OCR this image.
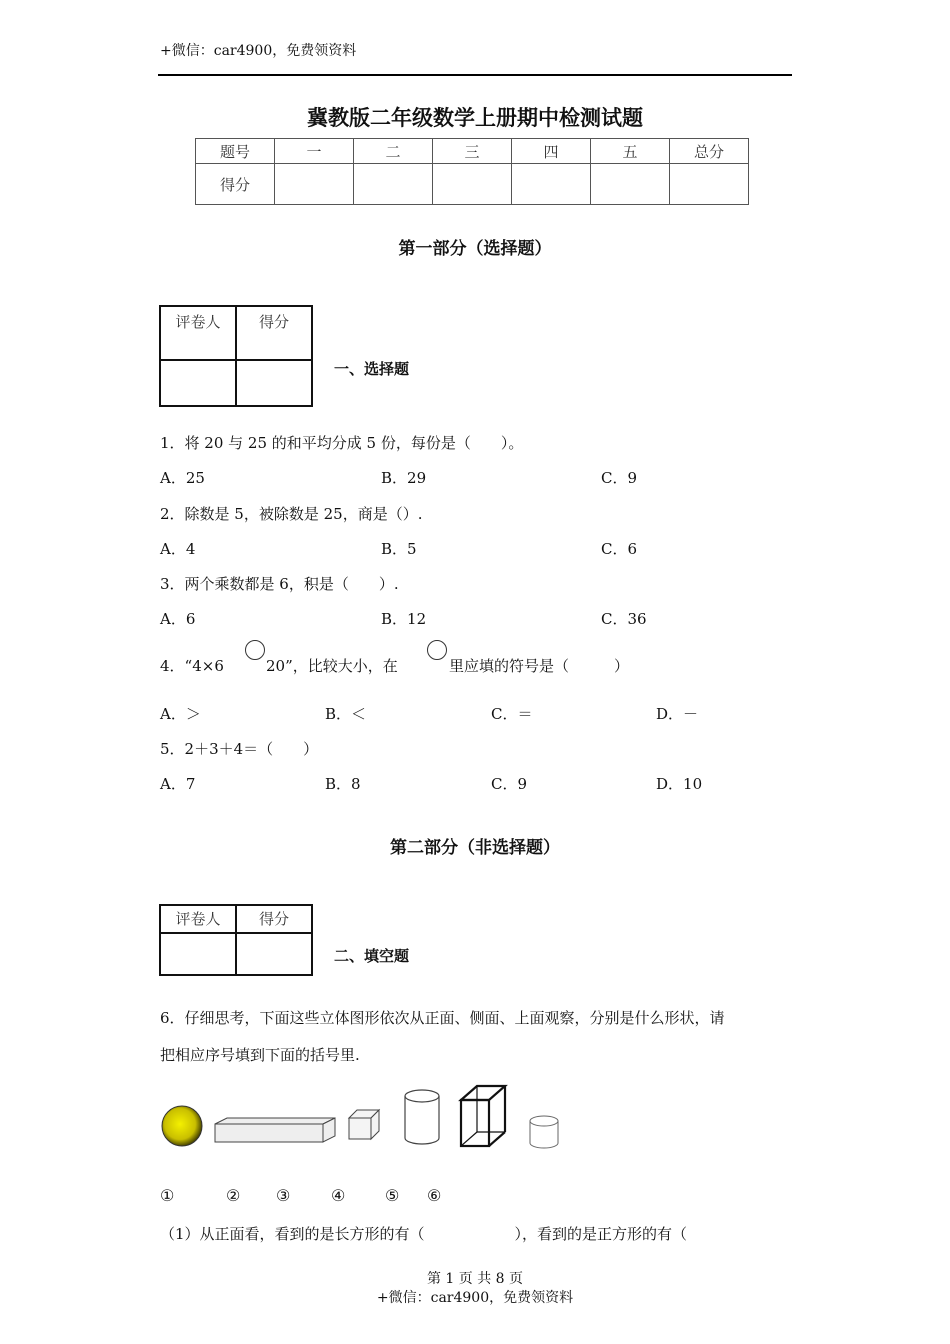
+微信：car4900，免费领资料
冀教版二年级数学上册期中检测试题
题号	一	二	三	四	五	总分
得分						
第一部分（选择题）
评卷人	得分

一、选择题
1．将 20 与 25 的和平均分成 5 份，每份是（　　）。
A．25	B．29	C．9
2．除数是 5，被除数是 25，商是（）.
A．4	B．5	C．6
3．两个乘数都是 6，积是（　　）.
A．6	B．12	C．36
4．“4×6	20”，比较大小，在	里应填的符号是（　　　）
A．＞	B．＜	C．＝	D．－
5．2＋3＋4＝（　　）
A．7	B．8	C．9	D．10
第二部分（非选择题）
评卷人	得分

二、填空题
6．仔细思考，下面这些立体图形依次从正面、侧面、上面观察，分别是什么形状，请
把相应序号填到下面的括号里.
①	② ③	④ ⑤ ⑥
（1）从正面看，看到的是长方形的有（　　　　　　），看到的是正方形的有（
第 1 页 共 8 页
+微信：car4900，免费领资料
